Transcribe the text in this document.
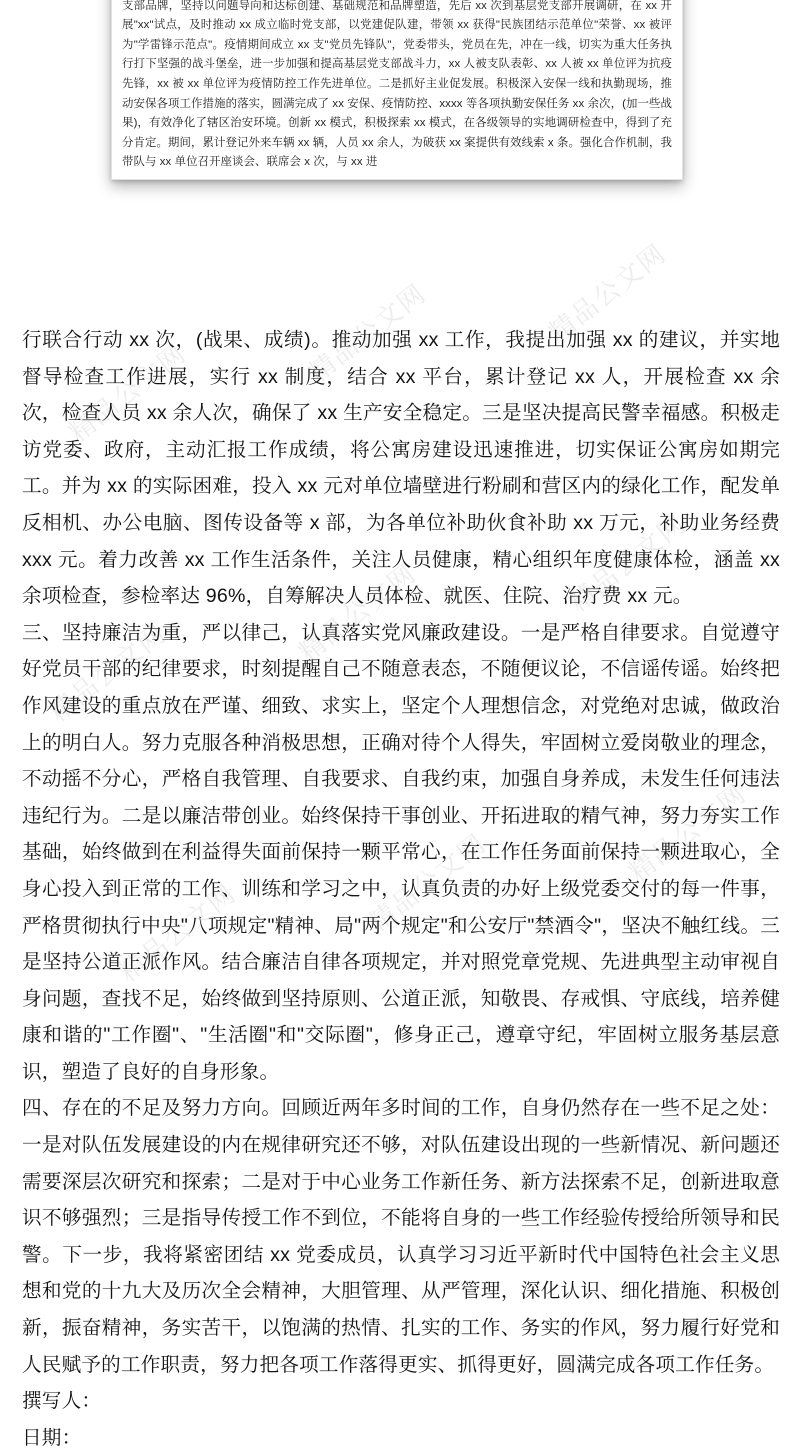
支部品牌，坚持以问题导向和达标创建、基础规范和品牌塑造，先后 xx 次到基层党支部开展调研，在 xx 开展"xx"试点，及时推动 xx 成立临时党支部，以党建促队建，带领 xx 获得"民族团结示范单位"荣誉、xx 被评为"学雷锋示范点"。疫情期间成立 xx 支"党员先锋队"，党委带头，党员在先，冲在一线，切实为重大任务执行打下坚强的战斗堡垒，进一步加强和提高基层党支部战斗力，xx 人被支队表彰、xx 人被 xx 单位评为抗疫先锋，xx 被 xx 单位评为疫情防控工作先进单位。二是抓好主业促发展。积极深入安保一线和执勤现场，推动安保各项工作措施的落实，圆满完成了 xx 安保、疫情防控、xxxx 等各项执勤安保任务 xx 余次，(加一些战果)，有效净化了辖区治安环境。创新 xx 模式，积极探索 xx 模式，在各级领导的实地调研检查中，得到了充分肯定。期间，累计登记外来车辆 xx 辆，人员 xx 余人，为破获 xx 案提供有效线索 x 条。强化合作机制，我带队与 xx 单位召开座谈会、联席会 x 次，与 xx 进

精品公文网
精品公文网	精品公文网
精品公文网
精品公文网	精品公文网
精品公文网	精品公文网	精品公文网

行联合行动 xx 次，(战果、成绩)。推动加强 xx 工作，我提出加强 xx 的建议，并实地督导检查工作进展，实行 xx 制度，结合 xx 平台，累计登记 xx 人，开展检查 xx 余次，检查人员 xx 余人次，确保了 xx 生产安全稳定。三是坚决提高民警幸福感。积极走访党委、政府，主动汇报工作成绩，将公寓房建设迅速推进，切实保证公寓房如期完工。并为 xx 的实际困难，投入 xx 元对单位墙壁进行粉刷和营区内的绿化工作，配发单反相机、办公电脑、图传设备等 x 部，为各单位补助伙食补助 xx 万元，补助业务经费 xxx 元。着力改善 xx 工作生活条件，关注人员健康，精心组织年度健康体检，涵盖 xx 余项检查，参检率达 96%，自筹解决人员体检、就医、住院、治疗费 xx 元。

三、坚持廉洁为重，严以律己，认真落实党风廉政建设。一是严格自律要求。自觉遵守好党员干部的纪律要求，时刻提醒自己不随意表态，不随便议论，不信谣传谣。始终把作风建设的重点放在严谨、细致、求实上，坚定个人理想信念，对党绝对忠诚，做政治上的明白人。努力克服各种消极思想，正确对待个人得失，牢固树立爱岗敬业的理念，不动摇不分心，严格自我管理、自我要求、自我约束，加强自身养成，未发生任何违法违纪行为。二是以廉洁带创业。始终保持干事创业、开拓进取的精气神，努力夯实工作基础，始终做到在利益得失面前保持一颗平常心，在工作任务面前保持一颗进取心，全身心投入到正常的工作、训练和学习之中，认真负责的办好上级党委交付的每一件事，严格贯彻执行中央"八项规定"精神、局"两个规定"和公安厅"禁酒令"，坚决不触红线。三是坚持公道正派作风。结合廉洁自律各项规定，并对照党章党规、先进典型主动审视自身问题，查找不足，始终做到坚持原则、公道正派，知敬畏、存戒惧、守底线，培养健康和谐的"工作圈"、"生活圈"和"交际圈"，修身正己，遵章守纪，牢固树立服务基层意识，塑造了良好的自身形象。

四、存在的不足及努力方向。回顾近两年多时间的工作，自身仍然存在一些不足之处：一是对队伍发展建设的内在规律研究还不够，对队伍建设出现的一些新情况、新问题还需要深层次研究和探索；二是对于中心业务工作新任务、新方法探索不足，创新进取意识不够强烈；三是指导传授工作不到位，不能将自身的一些工作经验传授给所领导和民警。下一步，我将紧密团结 xx 党委成员，认真学习习近平新时代中国特色社会主义思想和党的十九大及历次全会精神，大胆管理、从严管理，深化认识、细化措施、积极创新，振奋精神，务实苦干，以饱满的热情、扎实的工作、务实的作风，努力履行好党和人民赋予的工作职责，努力把各项工作落得更实、抓得更好，圆满完成各项工作任务。

撰写人：

日期：
